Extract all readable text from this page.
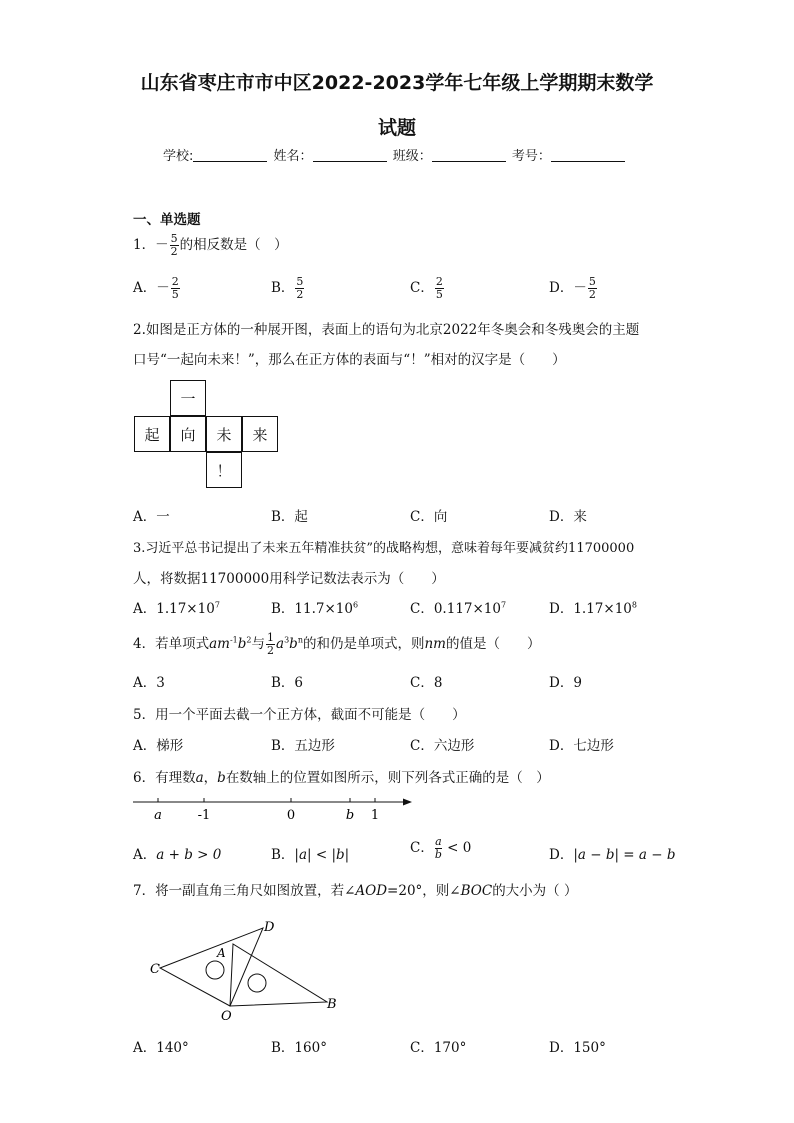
山东省枣庄市市中区2022-2023学年七年级上学期期末数学
试题
学校:	姓名：	班级：	考号：
一、单选题
1．－ $\frac{5}{2}$ 的相反数是（　）
A．－ $\frac{2}{5}$	B． $\frac{5}{2}$	C． $\frac{2}{5}$	D．－ $\frac{5}{2}$
2.如图是正方体的一种展开图，表面上的语句为北京2022年冬奥会和冬残奥会的主题
口号“一起向未来！”，那么在正方体的表面与“！”相对的汉字是（　　）
一
起	向	未	来
！
A．一	B．起	C．向	D．来
3.习近平总书记提出了未来五年精准扶贫”的战略构想，意味着每年要减贫约11700000
人，将数据11700000用科学记数法表示为（　　）
A．$1.17\times 10^7$	B．$11.7\times 10^6$	C．$0.117\times 10^7$	D．$1.17\times 10^8$
4．若单项式$am^{-1}b^2$与 $\frac{1}{2} a^3b^n$的和仍是单项式，则nm的值是（　　）
A．3	B．6	C．8	D．9
5．用一个平面去截一个正方体，截面不可能是（　　）
A．梯形	B．五边形	C．六边形	D．七边形
6．有理数a，b在数轴上的位置如图所示，则下列各式正确的是（　）
a	-1	0	b 1
A．a + b > 0	B．|a| < |b|	C． $\frac{a}{b} < 0$	D．|a − b| = a − b
7．将一副直角三角尺如图放置，若∠AOD=20°，则∠BOC的大小为（ ）
C
A
D
O
B
A．140°	B．160°	C．170°	D．150°
